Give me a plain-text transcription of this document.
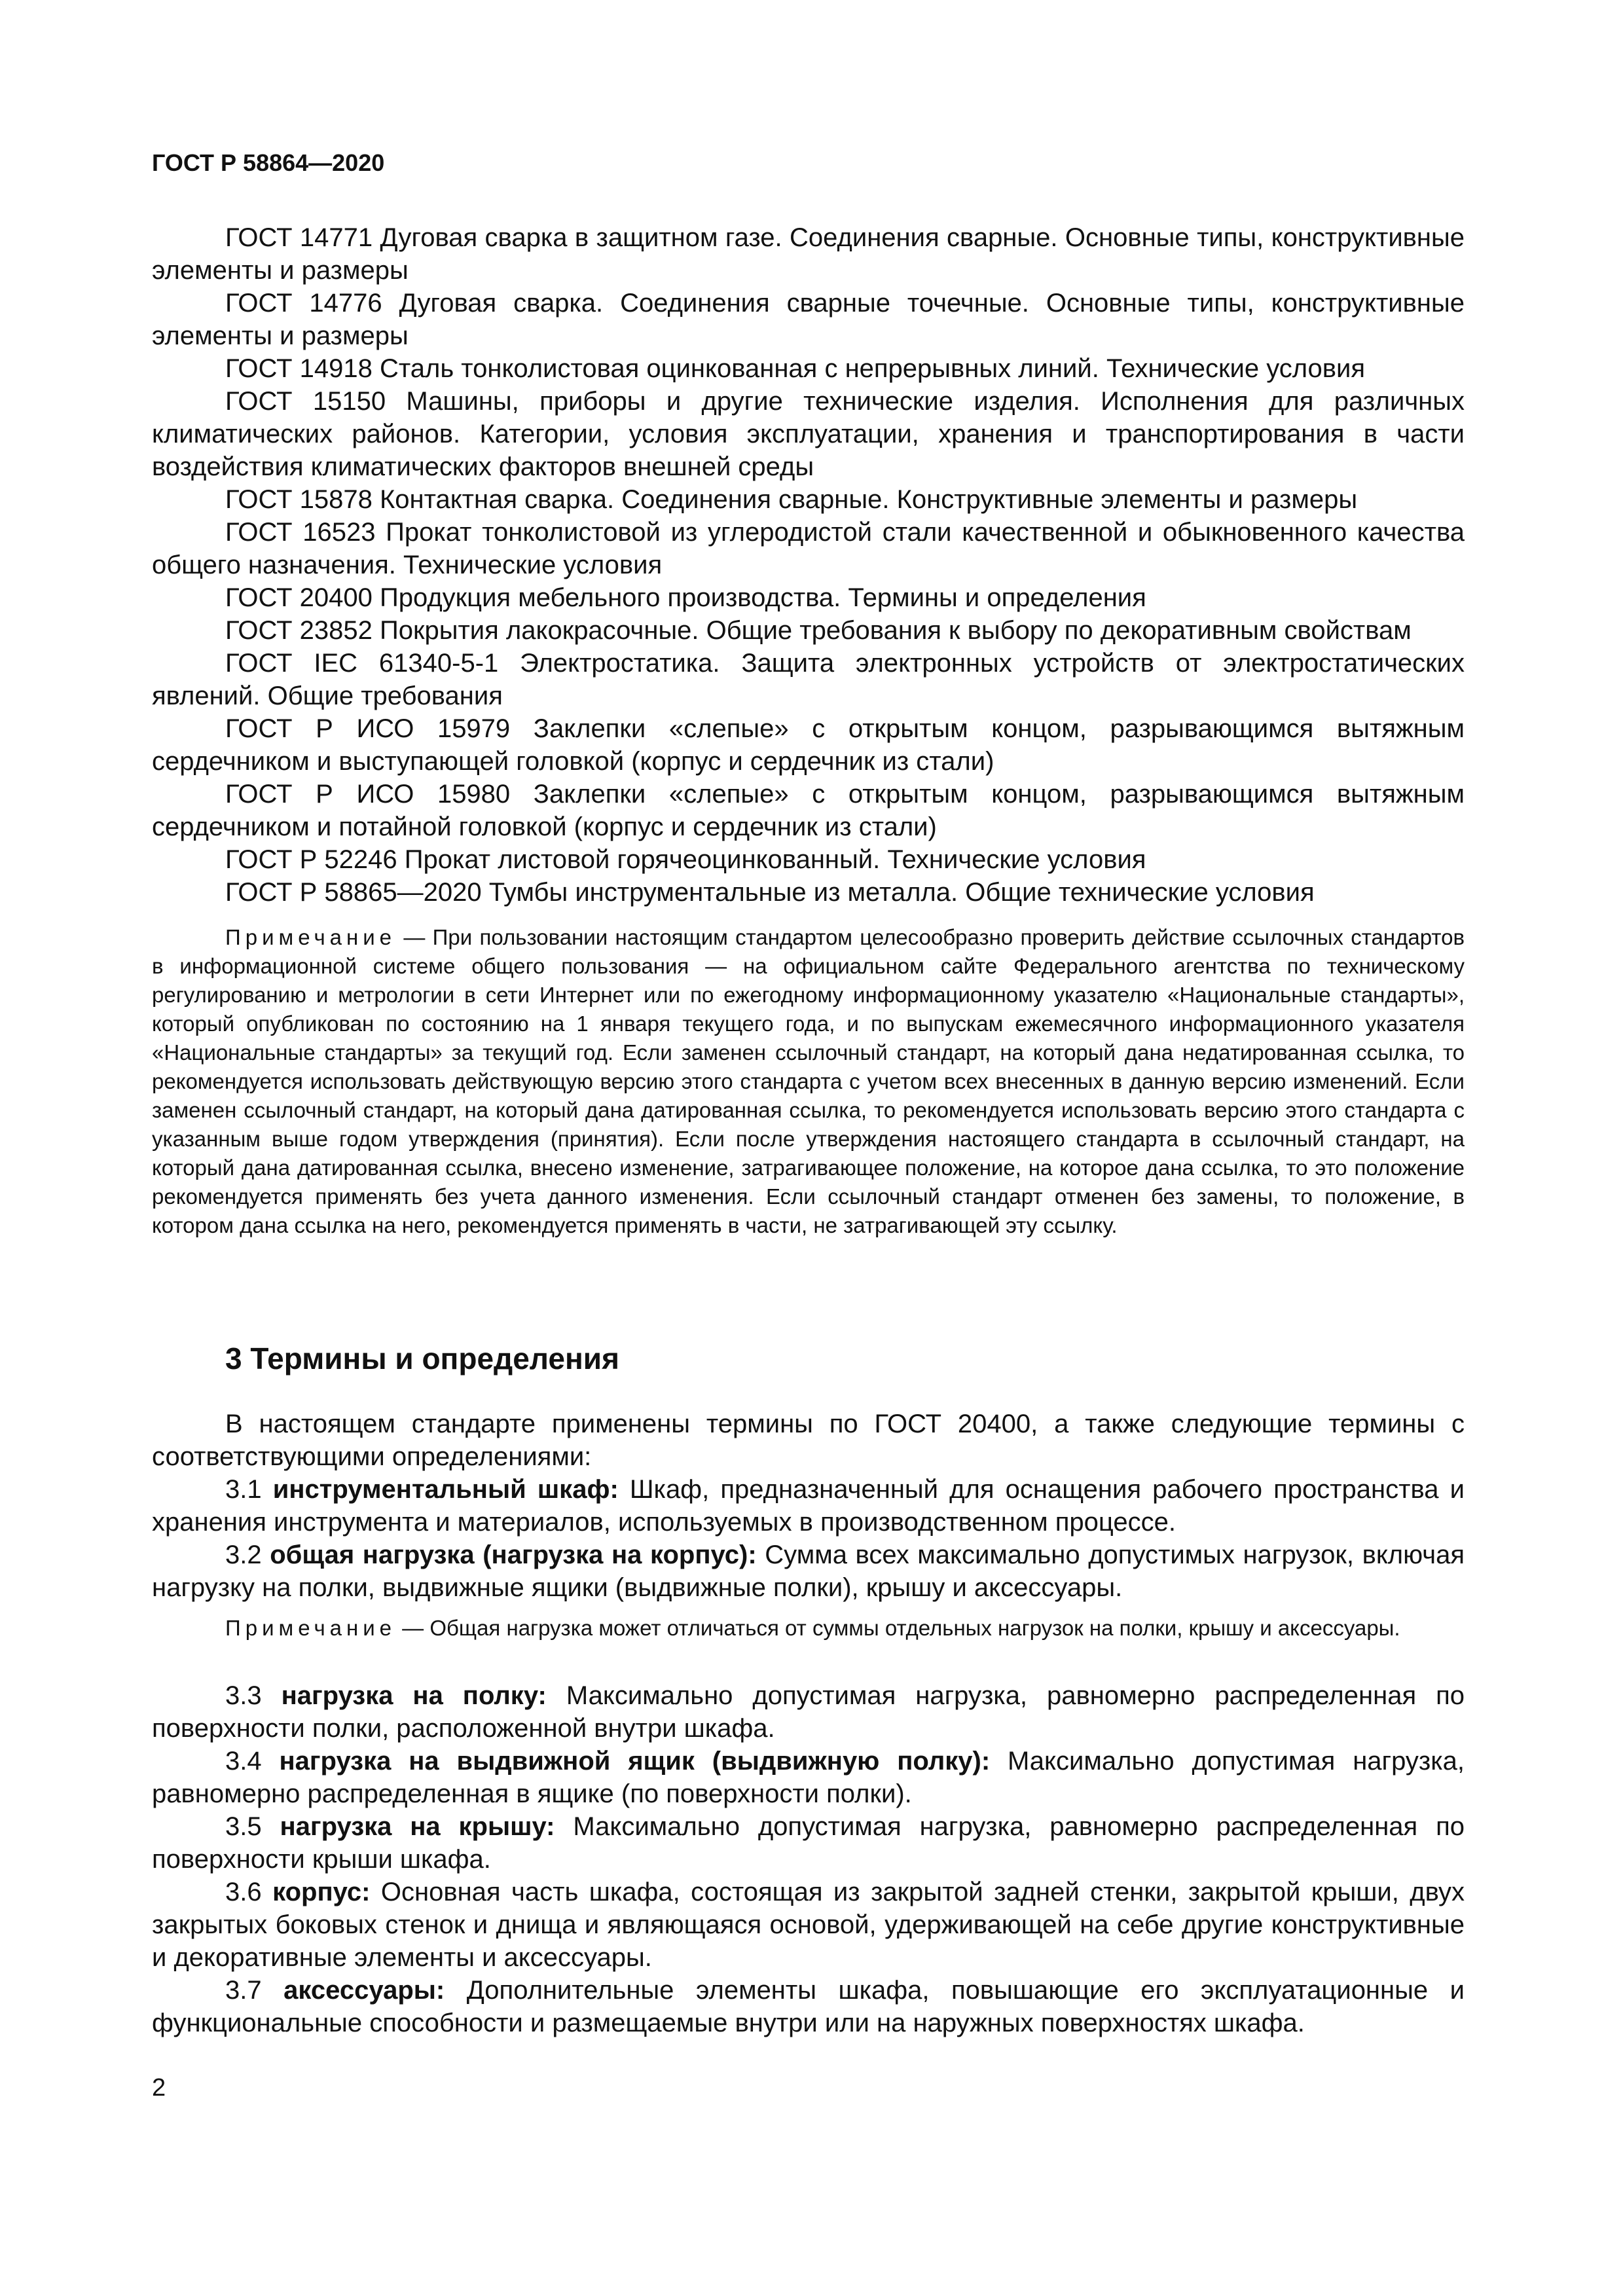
ГОСТ Р 58864—2020

ГОСТ 14771 Дуговая сварка в защитном газе. Соединения сварные. Основные типы, конструктивные элементы и размеры
ГОСТ 14776 Дуговая сварка. Соединения сварные точечные. Основные типы, конструктивные элементы и размеры
ГОСТ 14918 Сталь тонколистовая оцинкованная с непрерывных линий. Технические условия
ГОСТ 15150 Машины, приборы и другие технические изделия. Исполнения для различных климатических районов. Категории, условия эксплуатации, хранения и транспортирования в части воздействия климатических факторов внешней среды
ГОСТ 15878 Контактная сварка. Соединения сварные. Конструктивные элементы и размеры
ГОСТ 16523 Прокат тонколистовой из углеродистой стали качественной и обыкновенного качества общего назначения. Технические условия
ГОСТ 20400 Продукция мебельного производства. Термины и определения
ГОСТ 23852 Покрытия лакокрасочные. Общие требования к выбору по декоративным свойствам
ГОСТ IEC 61340-5-1 Электростатика. Защита электронных устройств от электростатических явлений. Общие требования
ГОСТ Р ИСО 15979 Заклепки «слепые» с открытым концом, разрывающимся вытяжным сердечником и выступающей головкой (корпус и сердечник из стали)
ГОСТ Р ИСО 15980 Заклепки «слепые» с открытым концом, разрывающимся вытяжным сердечником и потайной головкой (корпус и сердечник из стали)
ГОСТ Р 52246 Прокат листовой горячеоцинкованный. Технические условия
ГОСТ Р 58865—2020 Тумбы инструментальные из металла. Общие технические условия

Примечание — При пользовании настоящим стандартом целесообразно проверить действие ссылочных стандартов в информационной системе общего пользования — на официальном сайте Федерального агентства по техническому регулированию и метрологии в сети Интернет или по ежегодному информационному указателю «Национальные стандарты», который опубликован по состоянию на 1 января текущего года, и по выпускам ежемесячного информационного указателя «Национальные стандарты» за текущий год. Если заменен ссылочный стандарт, на который дана недатированная ссылка, то рекомендуется использовать действующую версию этого стандарта с учетом всех внесенных в данную версию изменений. Если заменен ссылочный стандарт, на который дана датированная ссылка, то рекомендуется использовать версию этого стандарта с указанным выше годом утверждения (принятия). Если после утверждения настоящего стандарта в ссылочный стандарт, на который дана датированная ссылка, внесено изменение, затрагивающее положение, на которое дана ссылка, то это положение рекомендуется применять без учета данного изменения. Если ссылочный стандарт отменен без замены, то положение, в котором дана ссылка на него, рекомендуется применять в части, не затрагивающей эту ссылку.

3 Термины и определения

В настоящем стандарте применены термины по ГОСТ 20400, а также следующие термины с соответствующими определениями:

3.1 инструментальный шкаф: Шкаф, предназначенный для оснащения рабочего пространства и хранения инструмента и материалов, используемых в производственном процессе.
3.2 общая нагрузка (нагрузка на корпус): Сумма всех максимально допустимых нагрузок, включая нагрузку на полки, выдвижные ящики (выдвижные полки), крышу и аксессуары.

Примечание — Общая нагрузка может отличаться от суммы отдельных нагрузок на полки, крышу и аксессуары.

3.3 нагрузка на полку: Максимально допустимая нагрузка, равномерно распределенная по поверхности полки, расположенной внутри шкафа.
3.4 нагрузка на выдвижной ящик (выдвижную полку): Максимально допустимая нагрузка, равномерно распределенная в ящике (по поверхности полки).
3.5 нагрузка на крышу: Максимально допустимая нагрузка, равномерно распределенная по поверхности крыши шкафа.
3.6 корпус: Основная часть шкафа, состоящая из закрытой задней стенки, закрытой крыши, двух закрытых боковых стенок и днища и являющаяся основой, удерживающей на себе другие конструктивные и декоративные элементы и аксессуары.
3.7 аксессуары: Дополнительные элементы шкафа, повышающие его эксплуатационные и функциональные способности и размещаемые внутри или на наружных поверхностях шкафа.

2
